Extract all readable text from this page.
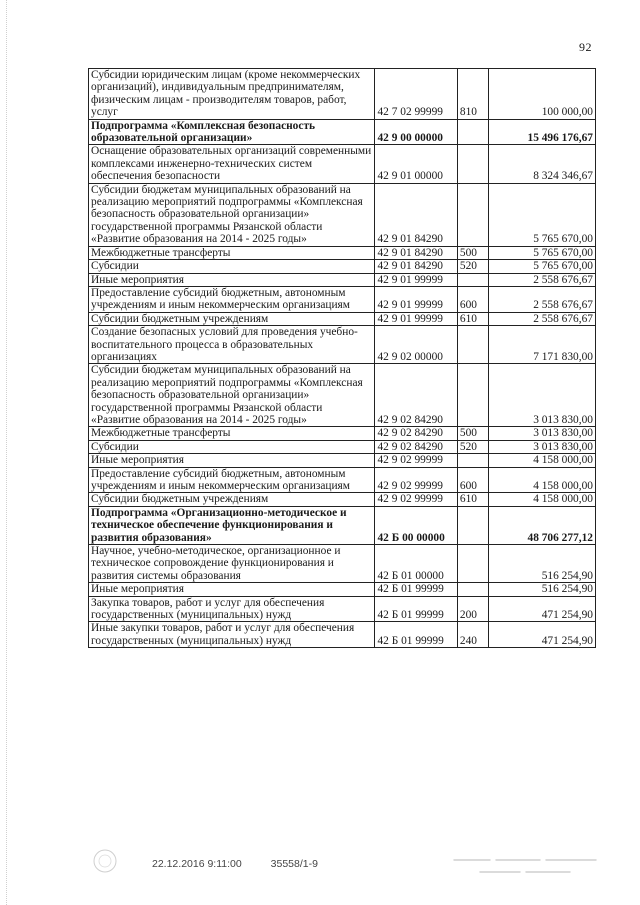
92
Субсидии юридическим лицам (кроме некоммерческих организаций), индивидуальным предпринимателям, физическим лицам - производителям товаров, работ, услуг	42 7 02 99999	810	100 000,00
Подпрограмма «Комплексная безопасность образовательной организации»	42 9 00 00000		15 496 176,67
Оснащение образовательных организаций современными комплексами инженерно-технических систем обеспечения безопасности	42 9 01 00000		8 324 346,67
Субсидии бюджетам муниципальных образований на реализацию мероприятий подпрограммы «Комплексная безопасность образовательной организации» государственной программы Рязанской области «Развитие образования на 2014 - 2025 годы»	42 9 01 84290		5 765 670,00
Межбюджетные трансферты	42 9 01 84290	500	5 765 670,00
Субсидии	42 9 01 84290	520	5 765 670,00
Иные мероприятия	42 9 01 99999		2 558 676,67
Предоставление субсидий бюджетным, автономным учреждениям и иным некоммерческим организациям	42 9 01 99999	600	2 558 676,67
Субсидии бюджетным учреждениям	42 9 01 99999	610	2 558 676,67
Создание безопасных условий для проведения учебно-воспитательного процесса в образовательных организациях	42 9 02 00000		7 171 830,00
Субсидии бюджетам муниципальных образований на реализацию мероприятий подпрограммы «Комплексная безопасность образовательной организации» государственной программы Рязанской области «Развитие образования на 2014 - 2025 годы»	42 9 02 84290		3 013 830,00
Межбюджетные трансферты	42 9 02 84290	500	3 013 830,00
Субсидии	42 9 02 84290	520	3 013 830,00
Иные мероприятия	42 9 02 99999		4 158 000,00
Предоставление субсидий бюджетным, автономным учреждениям и иным некоммерческим организациям	42 9 02 99999	600	4 158 000,00
Субсидии бюджетным учреждениям	42 9 02 99999	610	4 158 000,00
Подпрограмма «Организационно-методическое и техническое обеспечение функционирования и развития образования»	42 Б 00 00000		48 706 277,12
Научное, учебно-методическое, организационное и техническое сопровождение функционирования и развития системы образования	42 Б 01 00000		516 254,90
Иные мероприятия	42 Б 01 99999		516 254,90
Закупка товаров, работ и услуг для обеспечения государственных (муниципальных) нужд	42 Б 01 99999	200	471 254,90
Иные закупки товаров, работ и услуг для обеспечения государственных (муниципальных) нужд	42 Б 01 99999	240	471 254,90
22.12.2016 9:11:00	35558/1-9
